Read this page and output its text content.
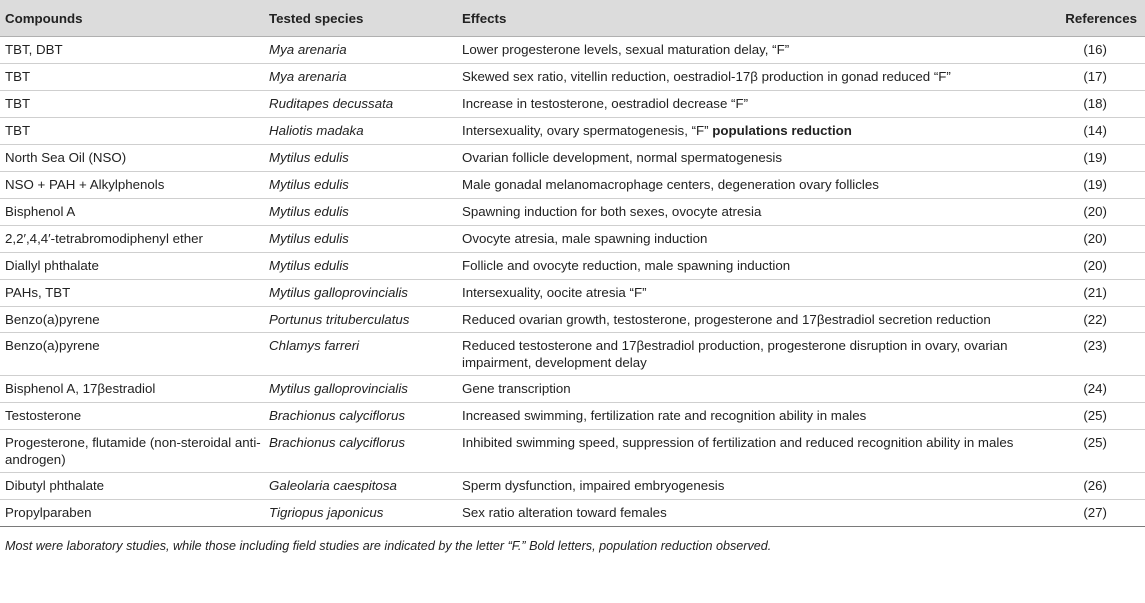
Compounds	Tested species	Effects	References
TBT, DBT	Mya arenaria	Lower progesterone levels, sexual maturation delay, “F”	(16)
TBT	Mya arenaria	Skewed sex ratio, vitellin reduction, oestradiol-17β production in gonad reduced “F”	(17)
TBT	Ruditapes decussata	Increase in testosterone, oestradiol decrease “F”	(18)
TBT	Haliotis madaka	Intersexuality, ovary spermatogenesis, “F” populations reduction	(14)
North Sea Oil (NSO)	Mytilus edulis	Ovarian follicle development, normal spermatogenesis	(19)
NSO + PAH + Alkylphenols	Mytilus edulis	Male gonadal melanomacrophage centers, degeneration ovary follicles	(19)
Bisphenol A	Mytilus edulis	Spawning induction for both sexes, ovocyte atresia	(20)
2,2′,4,4′-tetrabromodiphenyl ether	Mytilus edulis	Ovocyte atresia, male spawning induction	(20)
Diallyl phthalate	Mytilus edulis	Follicle and ovocyte reduction, male spawning induction	(20)
PAHs, TBT	Mytilus galloprovincialis	Intersexuality, oocite atresia “F”	(21)
Benzo(a)pyrene	Portunus trituberculatus	Reduced ovarian growth, testosterone, progesterone and 17βestradiol secretion reduction	(22)
Benzo(a)pyrene	Chlamys farreri	Reduced testosterone and 17βestradiol production, progesterone disruption in ovary, ovarian impairment, development delay	(23)
Bisphenol A, 17βestradiol	Mytilus galloprovincialis	Gene transcription	(24)
Testosterone	Brachionus calyciflorus	Increased swimming, fertilization rate and recognition ability in males	(25)
Progesterone, flutamide (non-steroidal anti-androgen)	Brachionus calyciflorus	Inhibited swimming speed, suppression of fertilization and reduced recognition ability in males	(25)
Dibutyl phthalate	Galeolaria caespitosa	Sperm dysfunction, impaired embryogenesis	(26)
Propylparaben	Tigriopus japonicus	Sex ratio alteration toward females	(27)
Most were laboratory studies, while those including field studies are indicated by the letter “F.” Bold letters, population reduction observed.
